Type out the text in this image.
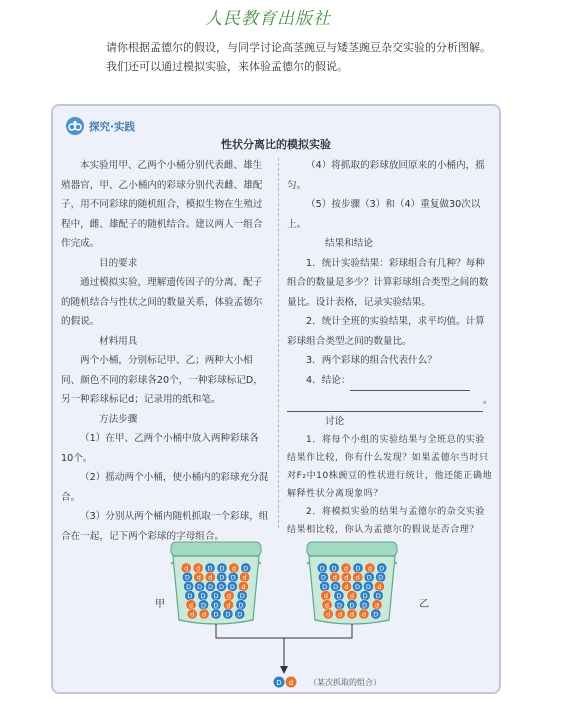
人民教育出版社

请你根据孟德尔的假设，与同学讨论高茎豌豆与矮茎豌豆杂交实验的分析图解。

我们还可以通过模拟实验，来体验孟德尔的假说。

探究·实践
性状分离比的模拟实验

本实验用甲、乙两个小桶分别代表雌、雄生殖器官，甲、乙小桶内的彩球分别代表雌、雄配子，用不同彩球的随机组合，模拟生物在生殖过程中，雌、雄配子的随机结合。建议两人一组合作完成。

目的要求

通过模拟实验，理解遗传因子的分离、配子的随机结合与性状之间的数量关系，体验孟德尔的假说。

材料用具

两个小桶，分别标记甲、乙；两种大小相同、颜色不同的彩球各20个，一种彩球标记D，另一种彩球标记d；记录用的纸和笔。

方法步骤

（1）在甲、乙两个小桶中放入两种彩球各10个。

（2）摇动两个小桶，使小桶内的彩球充分混合。

（3）分别从两个桶内随机抓取一个彩球，组合在一起，记下两个彩球的字母组合。

（4）将抓取的彩球放回原来的小桶内，摇匀。

（5）按步骤（3）和（4）重复做30次以上。

结果和结论

1．统计实验结果：彩球组合有几种？每种组合的数量是多少？计算彩球组合类型之间的数量比。设计表格，记录实验结果。

2．统计全班的实验结果，求平均值。计算彩球组合类型之间的数量比。

3．两个彩球的组合代表什么？

4．结论：

。

讨论

1．将每个小组的实验结果与全班总的实验结果作比较，你有什么发现？如果孟德尔当时只对F₂中10株豌豆的性状进行统计，他还能正确地解释性状分离现象吗？

2．将模拟实验的结果与孟德尔的杂交实验结果相比较，你认为孟德尔的假说是否合理？

甲	乙
d d D D d D
D d d D D d
D D D D D d
D D D d D
d D D d D
d d D D D
D D d D d D
D d d d D D
D D d D D d
d D d D D
d D D D d
d d d d D
D d （某次抓取的组合）
